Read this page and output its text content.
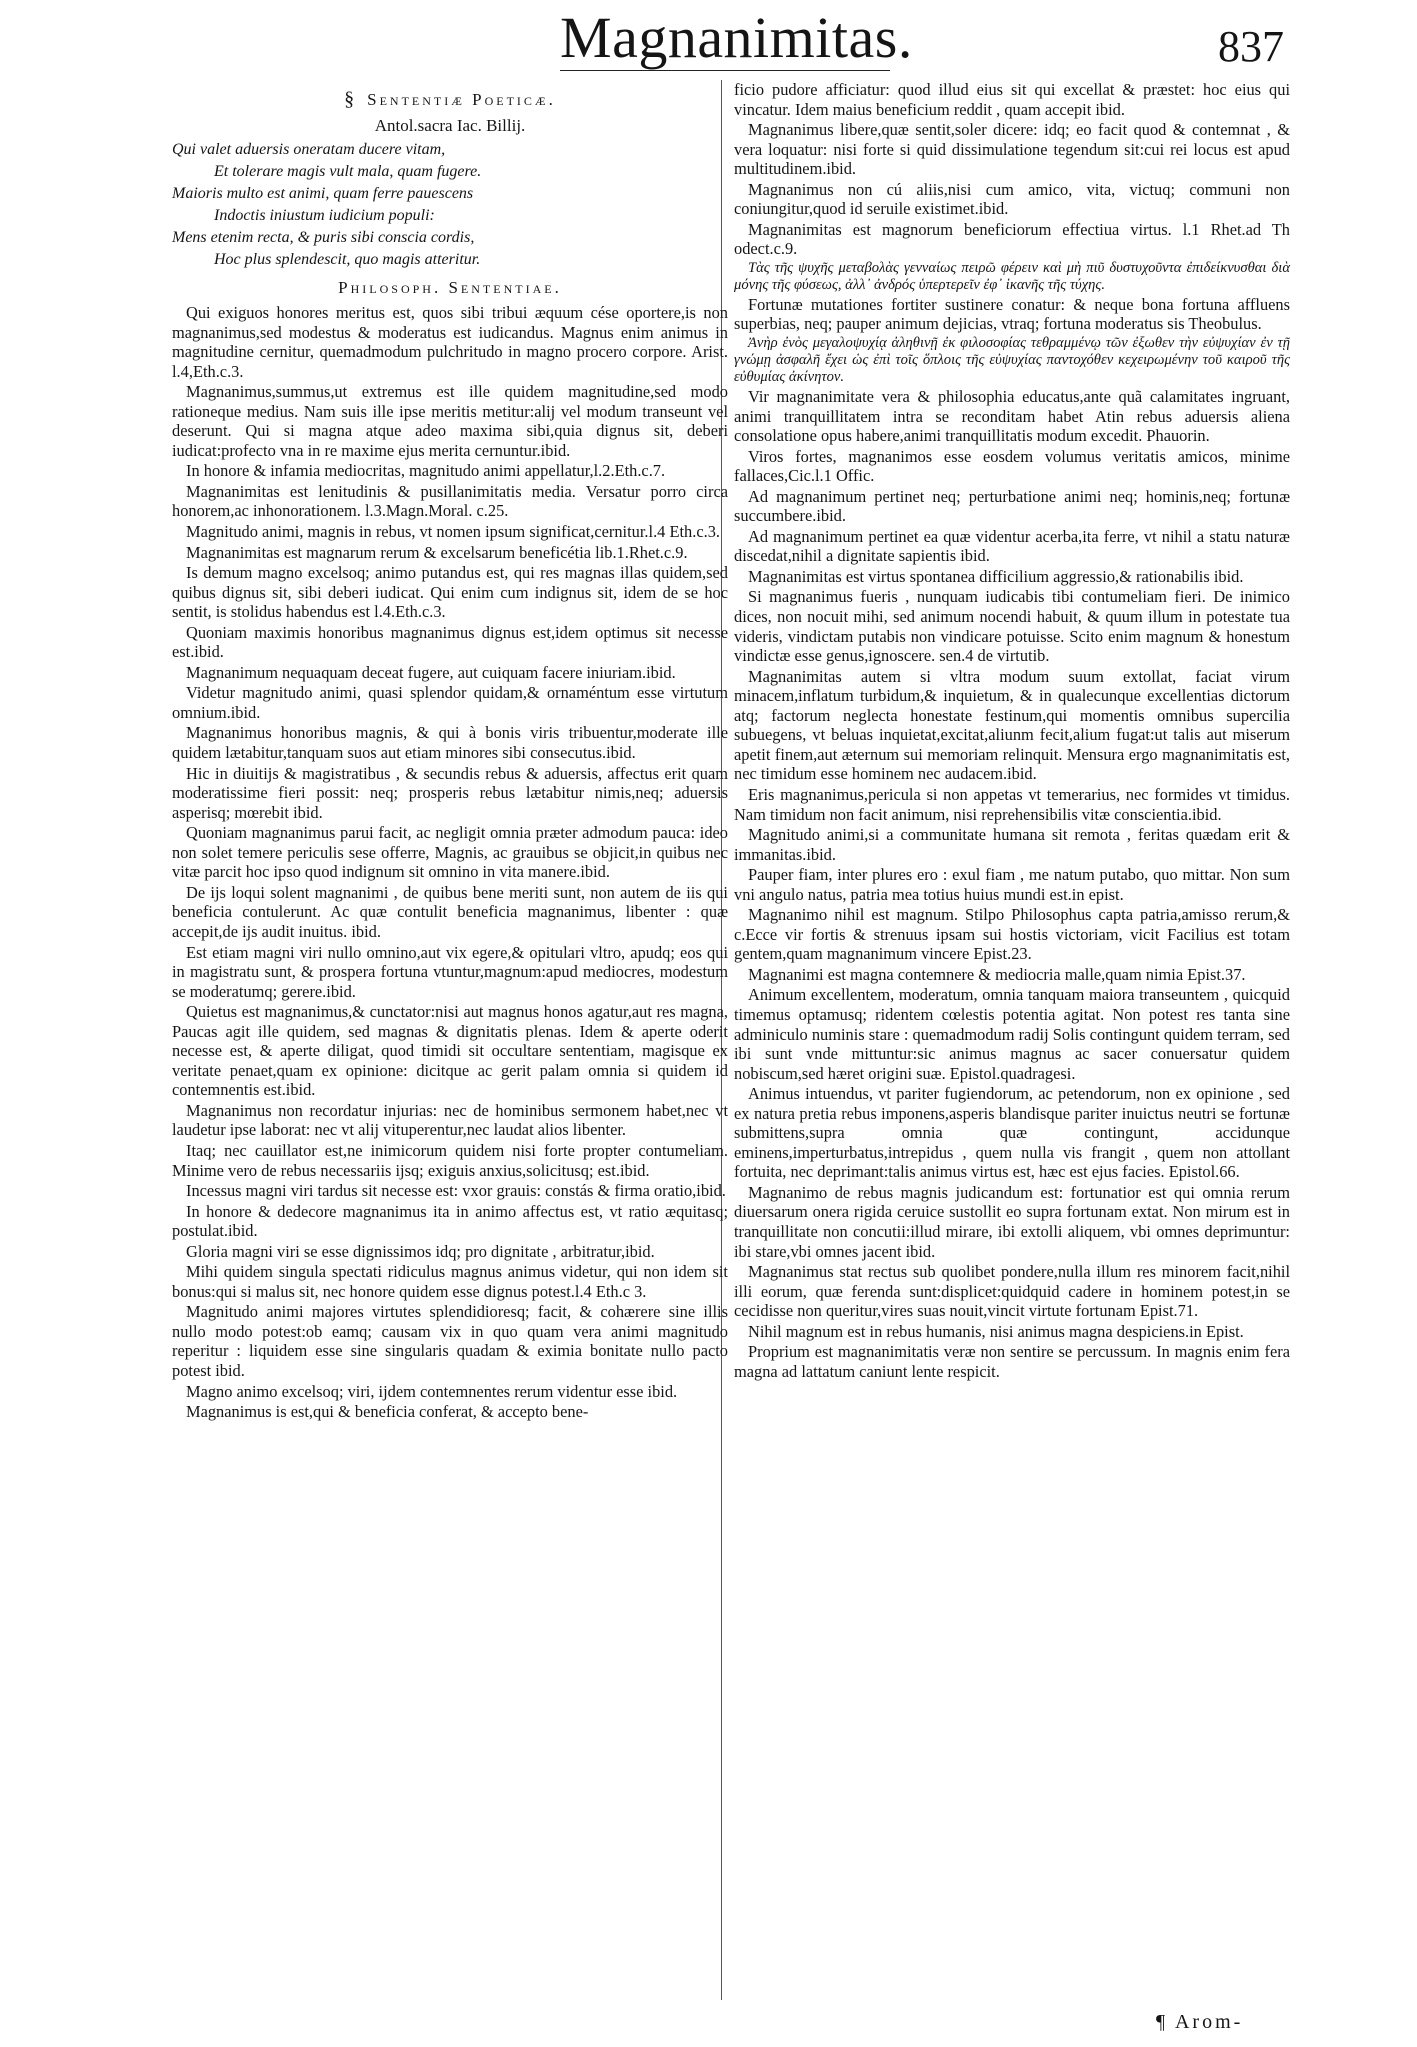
Magnanimitas.	837
§ Sententiæ Poeticæ.
Antol.sacra Iac. Billij.
Qui valet aduersis oneratam ducere vitam,
Et tolerare magis vult mala, quam fugere.
Maioris multo est animi, quam ferre pauescens
Indoctis iniustum iudicium populi:
Mens etenim recta, & puris sibi conscia cordis,
Hoc plus splendescit, quo magis atteritur.
Philosoph. Sententiae.

Qui exiguos honores meritus est, quos sibi tribui æquum cése oportere,is non magnanimus,sed modestus & moderatus est iudicandus. Magnus enim animus in magnitudine cernitur, quemadmodum pulchritudo in magno procero corpore. Arist. l.4,Eth.c.3.

Magnanimus,summus,ut extremus est ille quidem magnitudine,sed modo rationeque medius. Nam suis ille ipse meritis metitur:alij vel modum transeunt vel deserunt. Qui si magna atque adeo maxima sibi,quia dignus sit, deberi iudicat:profecto vna in re maxime ejus merita cernuntur.ibid.

In honore & infamia mediocritas, magnitudo animi appellatur,l.2.Eth.c.7.

Magnanimitas est lenitudinis & pusillanimitatis media. Versatur porro circa honorem,ac inhonorationem. l.3.Magn.Moral. c.25.

Magnitudo animi, magnis in rebus, vt nomen ipsum significat,cernitur.l.4 Eth.c.3.

Magnanimitas est magnarum rerum & excelsarum beneficétia lib.1.Rhet.c.9.

Is demum magno excelsoq; animo putandus est, qui res magnas illas quidem,sed quibus dignus sit, sibi deberi iudicat. Qui enim cum indignus sit, idem de se hoc sentit, is stolidus habendus est l.4.Eth.c.3.

Quoniam maximis honoribus magnanimus dignus est,idem optimus sit necesse est.ibid.

Magnanimum nequaquam deceat fugere, aut cuiquam facere iniuriam.ibid.

Videtur magnitudo animi, quasi splendor quidam,& ornaméntum esse virtutum omnium.ibid.

Magnanimus honoribus magnis, & qui à bonis viris tribuentur,moderate ille quidem lætabitur,tanquam suos aut etiam minores sibi consecutus.ibid.

Hic in diuitijs & magistratibus , & secundis rebus & aduersis, affectus erit quam moderatissime fieri possit: neq; prosperis rebus lætabitur nimis,neq; aduersis asperisq; mœrebit ibid.

Quoniam magnanimus parui facit, ac negligit omnia præter admodum pauca: ideo non solet temere periculis sese offerre, Magnis, ac grauibus se objicit,in quibus nec vitæ parcit hoc ipso quod indignum sit omnino in vita manere.ibid.

De ijs loqui solent magnanimi , de quibus bene meriti sunt, non autem de iis qui beneficia contulerunt. Ac quæ contulit beneficia magnanimus, libenter : quæ accepit,de ijs audit inuitus. ibid.

Est etiam magni viri nullo omnino,aut vix egere,& opitulari vltro, apudq; eos qui in magistratu sunt, & prospera fortuna vtuntur,magnum:apud mediocres, modestum se moderatumq; gerere.ibid.

Quietus est magnanimus,& cunctator:nisi aut magnus honos agatur,aut res magna, Paucas agit ille quidem, sed magnas & dignitatis plenas. Idem & aperte oderit necesse est, & aperte diligat, quod timidi sit occultare sententiam, magisque ex veritate penaet,quam ex opinione: dicitque ac gerit palam omnia si quidem id contemnentis est.ibid.

Magnanimus non recordatur injurias: nec de hominibus sermonem habet,nec vt laudetur ipse laborat: nec vt alij vituperentur,nec laudat alios libenter.

Itaq; nec cauillator est,ne inimicorum quidem nisi forte propter contumeliam. Minime vero de rebus necessariis ijsq; exiguis anxius,solicitusq; est.ibid.

Incessus magni viri tardus sit necesse est: vxor grauis: constás & firma oratio,ibid.

In honore & dedecore magnanimus ita in animo affectus est, vt ratio æquitasq; postulat.ibid.

Gloria magni viri se esse dignissimos idq; pro dignitate , arbitratur,ibid.

Mihi quidem singula spectati ridiculus magnus animus videtur, qui non idem sit bonus:qui si malus sit, nec honore quidem esse dignus potest.l.4 Eth.c 3.

Magnitudo animi majores virtutes splendidioresq; facit, & cohærere sine illis nullo modo potest:ob eamq; causam vix in quo quam vera animi magnitudo reperitur : liquidem esse sine singularis quadam & eximia bonitate nullo pacto potest ibid.

Magno animo excelsoq; viri, ijdem contemnentes rerum videntur esse ibid.

Magnanimus is est,qui & beneficia conferat, & accepto bene-

ficio pudore afficiatur: quod illud eius sit qui excellat & præstet: hoc eius qui vincatur. Idem maius beneficium reddit , quam accepit ibid.

Magnanimus libere,quæ sentit,soler dicere: idq; eo facit quod & contemnat , & vera loquatur: nisi forte si quid dissimulatione tegendum sit:cui rei locus est apud multitudinem.ibid.

Magnanimus non cú aliis,nisi cum amico, vita, victuq; communi non coniungitur,quod id seruile existimet.ibid.

Magnanimitas est magnorum beneficiorum effectiua virtus. l.1 Rhet.ad Th odect.c.9.

Τὰς τῆς ψυχῆς μεταβολὰς γενναίως πειρῶ φέρειν καὶ μὴ πιῦ δυστυχοῦντα ἐπιδείκνυσθαι διὰ μόνης τῆς φύσεως, ἀλλ᾽ ἀνδρός ὑπερτερεῖν ἐφ᾽ ἱκανῆς τῆς τύχης.

Fortunæ mutationes fortiter sustinere conatur: & neque bona fortuna affluens superbias, neq; pauper animum dejicias, vtraq; fortuna moderatus sis Theobulus.

Ἀνὴρ ἐνὸς μεγαλοψυχίᾳ ἀληθινῇ ἐκ φιλοσοφίας τεθραμμένῳ τῶν ἐξωθεν τὴν εὐψυχίαν ἐν τῇ γνώμῃ ἀσφαλῆ ἔχει ὡς ἐπὶ τοῖς ὅπλοις τῆς εὐψυχίας παντοχόθεν κεχειρωμένην τοῦ καιροῦ τῆς εὐθυμίας ἀκίνητον.

Vir magnanimitate vera & philosophia educatus,ante quã calamitates ingruant, animi tranquillitatem intra se reconditam habet Atin rebus aduersis aliena consolatione opus habere,animi tranquillitatis modum excedit. Phauorin.

Viros fortes, magnanimos esse eosdem volumus veritatis amicos, minime fallaces,Cic.l.1 Offic.

Ad magnanimum pertinet neq; perturbatione animi neq; hominis,neq; fortunæ succumbere.ibid.

Ad magnanimum pertinet ea quæ videntur acerba,ita ferre, vt nihil a statu naturæ discedat,nihil a dignitate sapientis ibid.

Magnanimitas est virtus spontanea difficilium aggressio,& rationabilis ibid.

Si magnanimus fueris , nunquam iudicabis tibi contumeliam fieri. De inimico dices, non nocuit mihi, sed animum nocendi habuit, & quum illum in potestate tua videris, vindictam putabis non vindicare potuisse. Scito enim magnum & honestum vindictæ esse genus,ignoscere. sen.4 de virtutib.

Magnanimitas autem si vltra modum suum extollat, faciat virum minacem,inflatum turbidum,& inquietum, & in qualecunque excellentias dictorum atq; factorum neglecta honestate festinum,qui momentis omnibus supercilia subuegens, vt beluas inquietat,excitat,aliunm fecit,alium fugat:ut talis aut miserum apetit finem,aut æternum sui memoriam relinquit. Mensura ergo magnanimitatis est, nec timidum esse hominem nec audacem.ibid.

Eris magnanimus,pericula si non appetas vt temerarius, nec formides vt timidus. Nam timidum non facit animum, nisi reprehensibilis vitæ conscientia.ibid.

Magnitudo animi,si a communitate humana sit remota , feritas quædam erit & immanitas.ibid.

Pauper fiam, inter plures ero : exul fiam , me natum putabo, quo mittar. Non sum vni angulo natus, patria mea totius huius mundi est.in epist.

Magnanimo nihil est magnum. Stilpo Philosophus capta patria,amisso rerum,& c.Ecce vir fortis & strenuus ipsam sui hostis victoriam, vicit Facilius est totam gentem,quam magnanimum vincere Epist.23.

Magnanimi est magna contemnere & mediocria malle,quam nimia Epist.37.

Animum excellentem, moderatum, omnia tanquam maiora transeuntem , quicquid timemus optamusq; ridentem cœlestis potentia agitat. Non potest res tanta sine adminiculo numinis stare : quemadmodum radij Solis contingunt quidem terram, sed ibi sunt vnde mittuntur:sic animus magnus ac sacer conuersatur quidem nobiscum,sed hæret origini suæ. Epistol.quadragesi.

Animus intuendus, vt pariter fugiendorum, ac petendorum, non ex opinione , sed ex natura pretia rebus imponens,asperis blandisque pariter inuictus neutri se fortunæ submittens,supra omnia quæ contingunt, accidunque eminens,imperturbatus,intrepidus , quem nulla vis frangit , quem non attollant fortuita, nec deprimant:talis animus virtus est, hæc est ejus facies. Epistol.66.

Magnanimo de rebus magnis judicandum est: fortunatior est qui omnia rerum diuersarum onera rigida ceruice sustollit eo supra fortunam extat. Non mirum est in tranquillitate non concutii:illud mirare, ibi extolli aliquem, vbi omnes deprimuntur: ibi stare,vbi omnes jacent ibid.

Magnanimus stat rectus sub quolibet pondere,nulla illum res minorem facit,nihil illi eorum, quæ ferenda sunt:displicet:quidquid cadere in hominem potest,in se cecidisse non queritur,vires suas nouit,vincit virtute fortunam Epist.71.

Nihil magnum est in rebus humanis, nisi animus magna despiciens.in Epist.

Proprium est magnanimitatis veræ non sentire se percussum. In magnis enim fera magna ad lattatum caniunt lente respicit.

¶ Arom-
